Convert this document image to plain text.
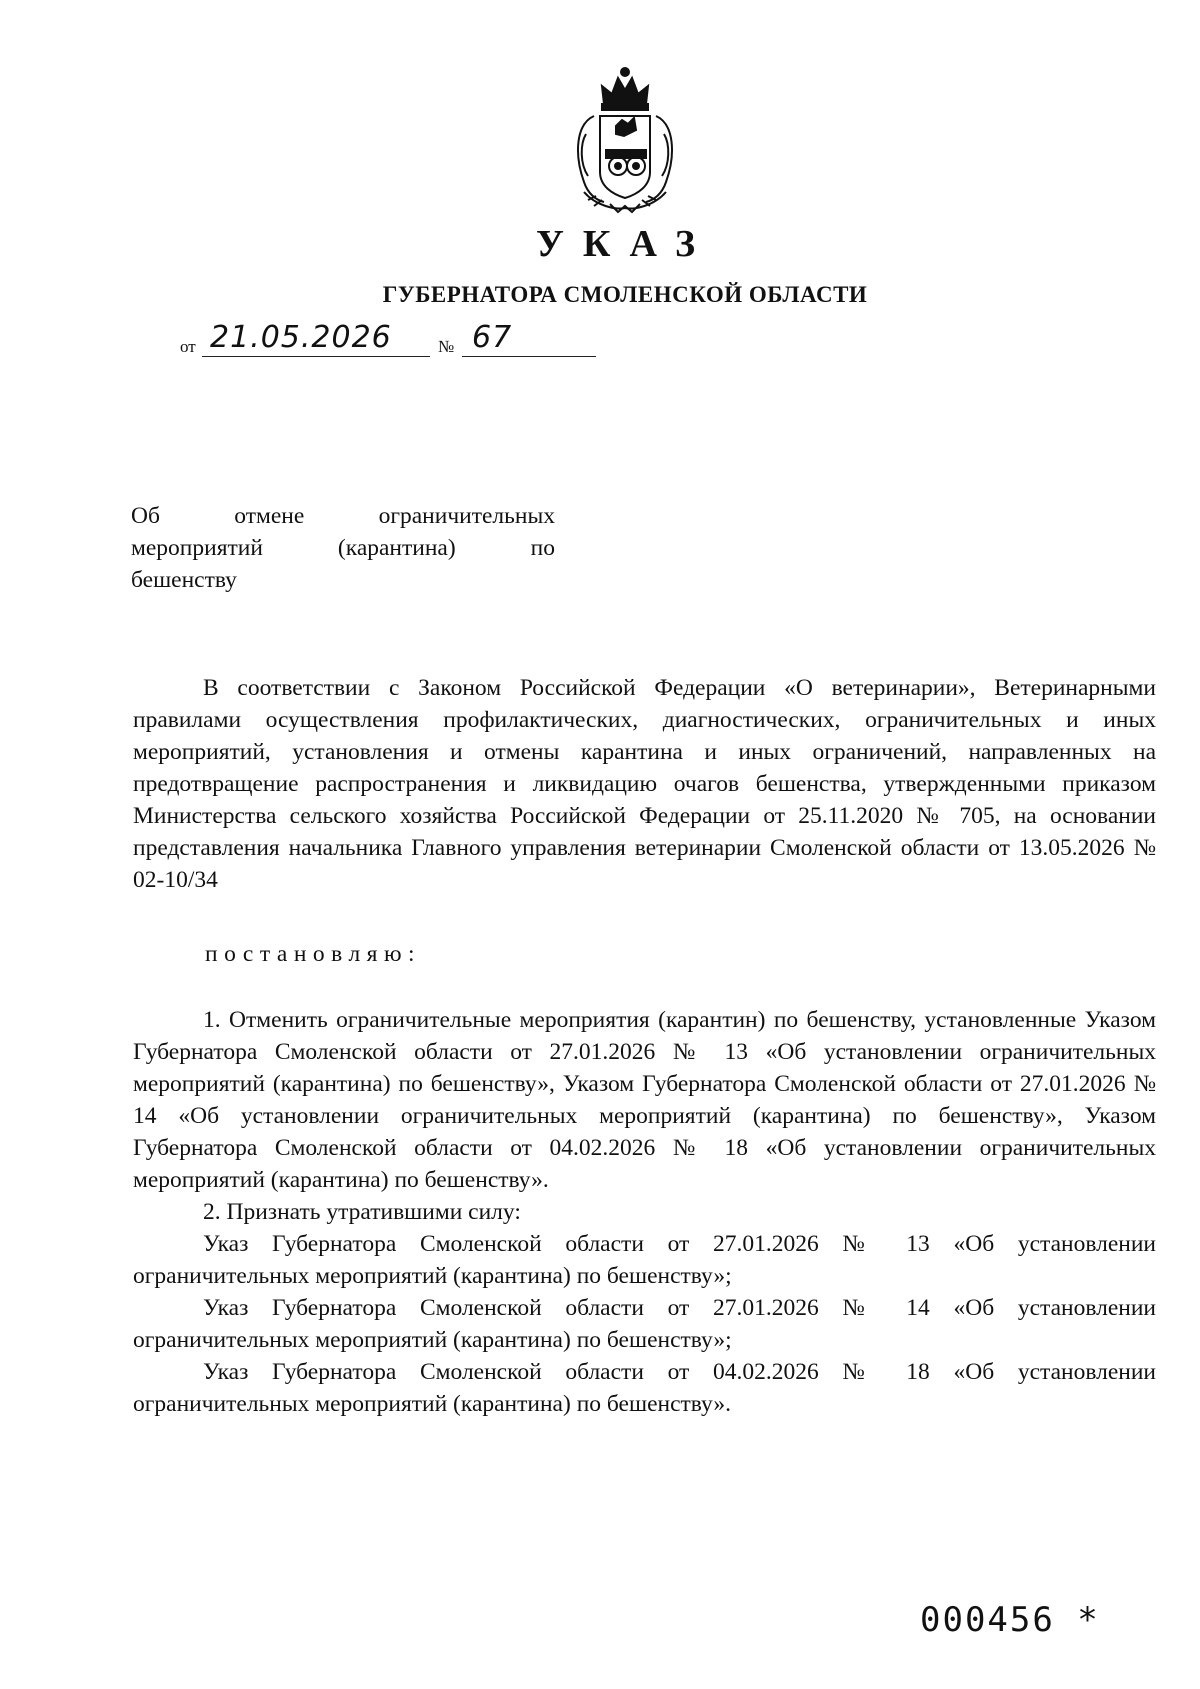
УКАЗ
ГУБЕРНАТОРА СМОЛЕНСКОЙ ОБЛАСТИ
от 21.05.2026	№ 67
Об отмене ограничительных
мероприятий (карантина) по
бешенству

В соответствии с Законом Российской Федерации «О ветеринарии», Ветеринарными правилами осуществления профилактических, диагностических, ограничительных и иных мероприятий, установления и отмены карантина и иных ограничений, направленных на предотвращение распространения и ликвидацию очагов бешенства, утвержденными приказом Министерства сельского хозяйства Российской Федерации от 25.11.2020 № 705, на основании представления начальника Главного управления ветеринарии Смоленской области от 13.05.2026 № 02-10/34

постановляю:

1. Отменить ограничительные мероприятия (карантин) по бешенству, установленные Указом Губернатора Смоленской области от 27.01.2026 № 13 «Об установлении ограничительных мероприятий (карантина) по бешенству», Указом Губернатора Смоленской области от 27.01.2026 № 14 «Об установлении ограничительных мероприятий (карантина) по бешенству», Указом Губернатора Смоленской области от 04.02.2026 № 18 «Об установлении ограничительных мероприятий (карантина) по бешенству».

2. Признать утратившими силу:

Указ Губернатора Смоленской области от 27.01.2026 № 13 «Об установлении ограничительных мероприятий (карантина) по бешенству»;

Указ Губернатора Смоленской области от 27.01.2026 № 14 «Об установлении ограничительных мероприятий (карантина) по бешенству»;

Указ Губернатора Смоленской области от 04.02.2026 № 18 «Об установлении ограничительных мероприятий (карантина) по бешенству».

000456 *
